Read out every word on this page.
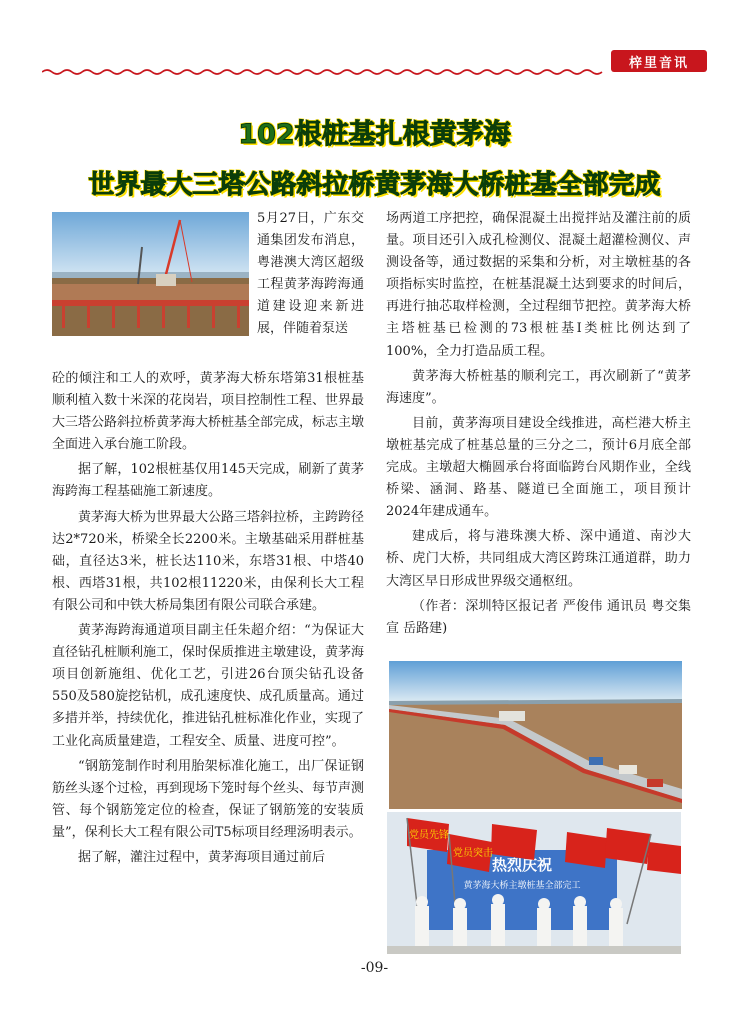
梓里音讯
102根桩基扎根黄茅海
世界最大三塔公路斜拉桥黄茅海大桥桩基全部完成
5月27日，广东交通集团发布消息，粤港澳大湾区超级工程黄茅海跨海通道建设迎来新进展，伴随着泵送

砼的倾注和工人的欢呼，黄茅海大桥东塔第31根桩基顺利植入数十米深的花岗岩，项目控制性工程、世界最大三塔公路斜拉桥黄茅海大桥桩基全部完成，标志主墩全面进入承台施工阶段。

据了解，102根桩基仅用145天完成，刷新了黄茅海跨海工程基础施工新速度。

黄茅海大桥为世界最大公路三塔斜拉桥，主跨跨径达2*720米，桥梁全长2200米。主墩基础采用群桩基础，直径达3米，桩长达110米，东塔31根、中塔40根、西塔31根，共102根11220米，由保利长大工程有限公司和中铁大桥局集团有限公司联合承建。

黄茅海跨海通道项目副主任朱超介绍：“为保证大直径钻孔桩顺利施工，保时保质推进主墩建设，黄茅海项目创新施组、优化工艺，引进26台顶尖钻孔设备550及580旋挖钻机，成孔速度快、成孔质量高。通过多措并举，持续优化，推进钻孔桩标准化作业，实现了工业化高质量建造，工程安全、质量、进度可控”。

“钢筋笼制作时利用胎架标准化施工，出厂保证钢筋丝头逐个过检，再到现场下笼时每个丝头、每节声测管、每个钢筋笼定位的检查，保证了钢筋笼的安装质量”，保利长大工程有限公司T5标项目经理汤明表示。

据了解，灌注过程中，黄茅海项目通过前后

场两道工序把控，确保混凝土出搅拌站及灌注前的质量。项目还引入成孔检测仪、混凝土超灌检测仪、声测设备等，通过数据的采集和分析，对主墩桩基的各项指标实时监控，在桩基混凝土达到要求的时间后，再进行抽芯取样检测，全过程细节把控。黄茅海大桥主塔桩基已检测的73根桩基I类桩比例达到了100%，全力打造品质工程。

黄茅海大桥桩基的顺利完工，再次刷新了“黄茅海速度”。

目前，黄茅海项目建设全线推进，高栏港大桥主墩桩基完成了桩基总量的三分之二，预计6月底全部完成。主墩超大椭圆承台将面临跨台风期作业，全线桥梁、涵洞、路基、隧道已全面施工，项目预计2024年建成通车。

建成后，将与港珠澳大桥、深中通道、南沙大桥、虎门大桥，共同组成大湾区跨珠江通道群，助力大湾区早日形成世界级交通枢纽。

（作者：深圳特区报记者 严俊伟 通讯员 粤交集宣 岳路建)

热烈庆祝
黄茅海大桥主墩桩基全部完工
党员先锋
党员突击
-09-
